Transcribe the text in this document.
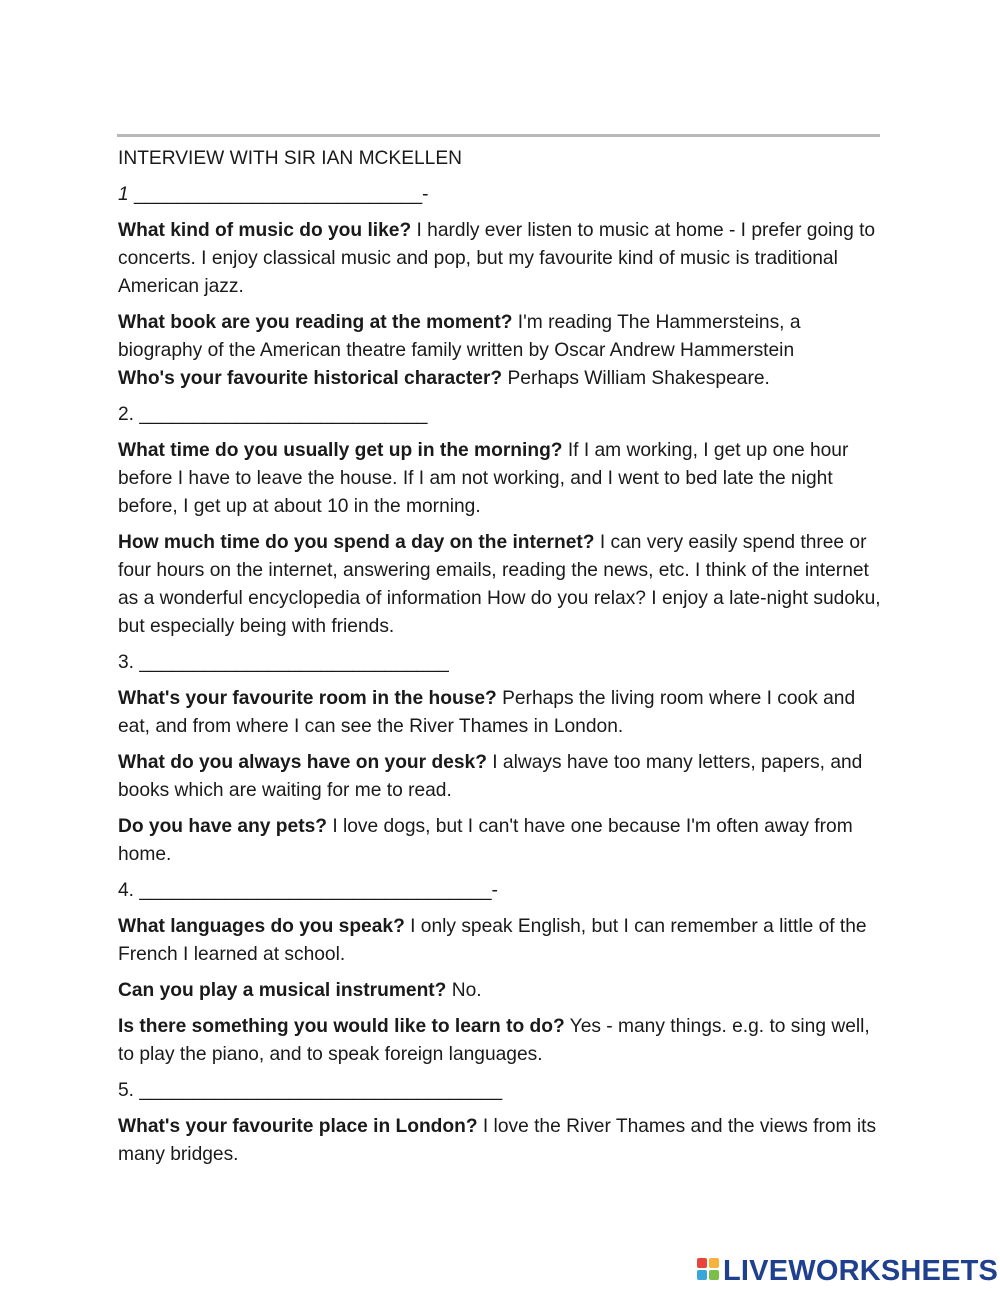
INTERVIEW WITH SIR IAN MCKELLEN
1 ___________________________-
What kind of music do you like? I hardly ever listen to music at home - I prefer going to concerts. I enjoy classical music and pop, but my favourite kind of music is traditional American jazz.
What book are you reading at the moment? I'm reading The Hammersteins, a biography of the American theatre family written by Oscar Andrew Hammerstein
Who's your favourite historical character? Perhaps William Shakespeare.
2. ___________________________
What time do you usually get up in the morning? If I am working, I get up one hour before I have to leave the house. If I am not working, and I went to bed late the night before, I get up at about 10 in the morning.
How much time do you spend a day on the internet? I can very easily spend three or four hours on the internet, answering emails, reading the news, etc. I think of the internet as a wonderful encyclopedia of information How do you relax? I enjoy a late-night sudoku, but especially being with friends.
3. _____________________________
What's your favourite room in the house? Perhaps the living room where I cook and eat, and from where I can see the River Thames in London.
What do you always have on your desk? I always have too many letters, papers, and books which are waiting for me to read.
Do you have any pets? I love dogs, but I can't have one because I'm often away from home.
4. _________________________________-
What languages do you speak? I only speak English, but I can remember a little of the French I learned at school.
Can you play a musical instrument? No.
Is there something you would like to learn to do? Yes - many things. e.g. to sing well, to play the piano, and to speak foreign languages.
5. __________________________________
What's your favourite place in London? I love the River Thames and the views from its many bridges.
LIVEWORKSHEETS
